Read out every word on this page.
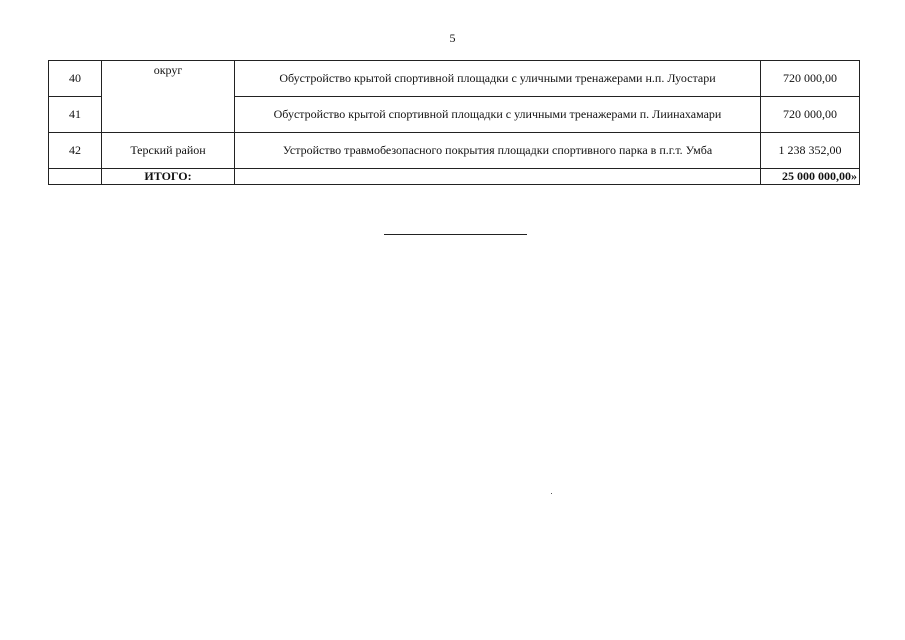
5
40	округ	Обустройство крытой спортивной площадки с уличными тренажерами н.п. Луостари	720 000,00
41		Обустройство крытой спортивной площадки с уличными тренажерами п. Лиинахамари	720 000,00
42	Терский район	Устройство травмобезопасного покрытия площадки спортивного парка в п.г.т. Умба	1 238 352,00
	ИТОГО:		25 000 000,00»
